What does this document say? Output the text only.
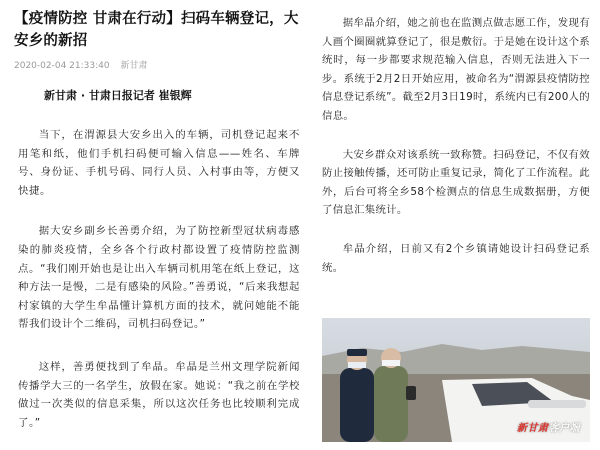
【疫情防控 甘肃在行动】扫码车辆登记，大安乡的新招
2020-02-04 21:33:40 新甘肃
新甘肃 · 甘肃日报记者 崔银辉

当下，在渭源县大安乡出入的车辆，司机登记起来不用笔和纸，他们手机扫码便可输入信息——姓名、车牌号、身份证、手机号码、同行人员、入村事由等，方便又快捷。

据大安乡副乡长善勇介绍，为了防控新型冠状病毒感染的肺炎疫情，全乡各个行政村都设置了疫情防控监测点。“我们刚开始也是让出入车辆司机用笔在纸上登记，这种方法一是慢，二是有感染的风险。”善勇说，“后来我想起村家镇的大学生牟晶懂计算机方面的技术，就问她能不能帮我们设计个二维码，司机扫码登记。”

这样，善勇便找到了牟晶。牟晶是兰州文理学院新闻传播学大三的一名学生，放假在家。她说：“我之前在学校做过一次类似的信息采集，所以这次任务也比较顺利完成了。”

据牟晶介绍，她之前也在监测点做志愿工作，发现有人画个圈圈就算登记了，很是敷衍。于是她在设计这个系统时，每一步都要求规范输入信息，否则无法进入下一步。系统于2月2日开始应用，被命名为“渭源县疫情防控信息登记系统”。截至2月3日19时，系统内已有200人的信息。

大安乡群众对该系统一致称赞。扫码登记，不仅有效防止接触传播，还可防止重复记录，简化了工作流程。此外，后台可将全乡58个检测点的信息生成数据册，方便了信息汇集统计。

牟晶介绍，日前又有2个乡镇请她设计扫码登记系统。

新甘肃客户端
